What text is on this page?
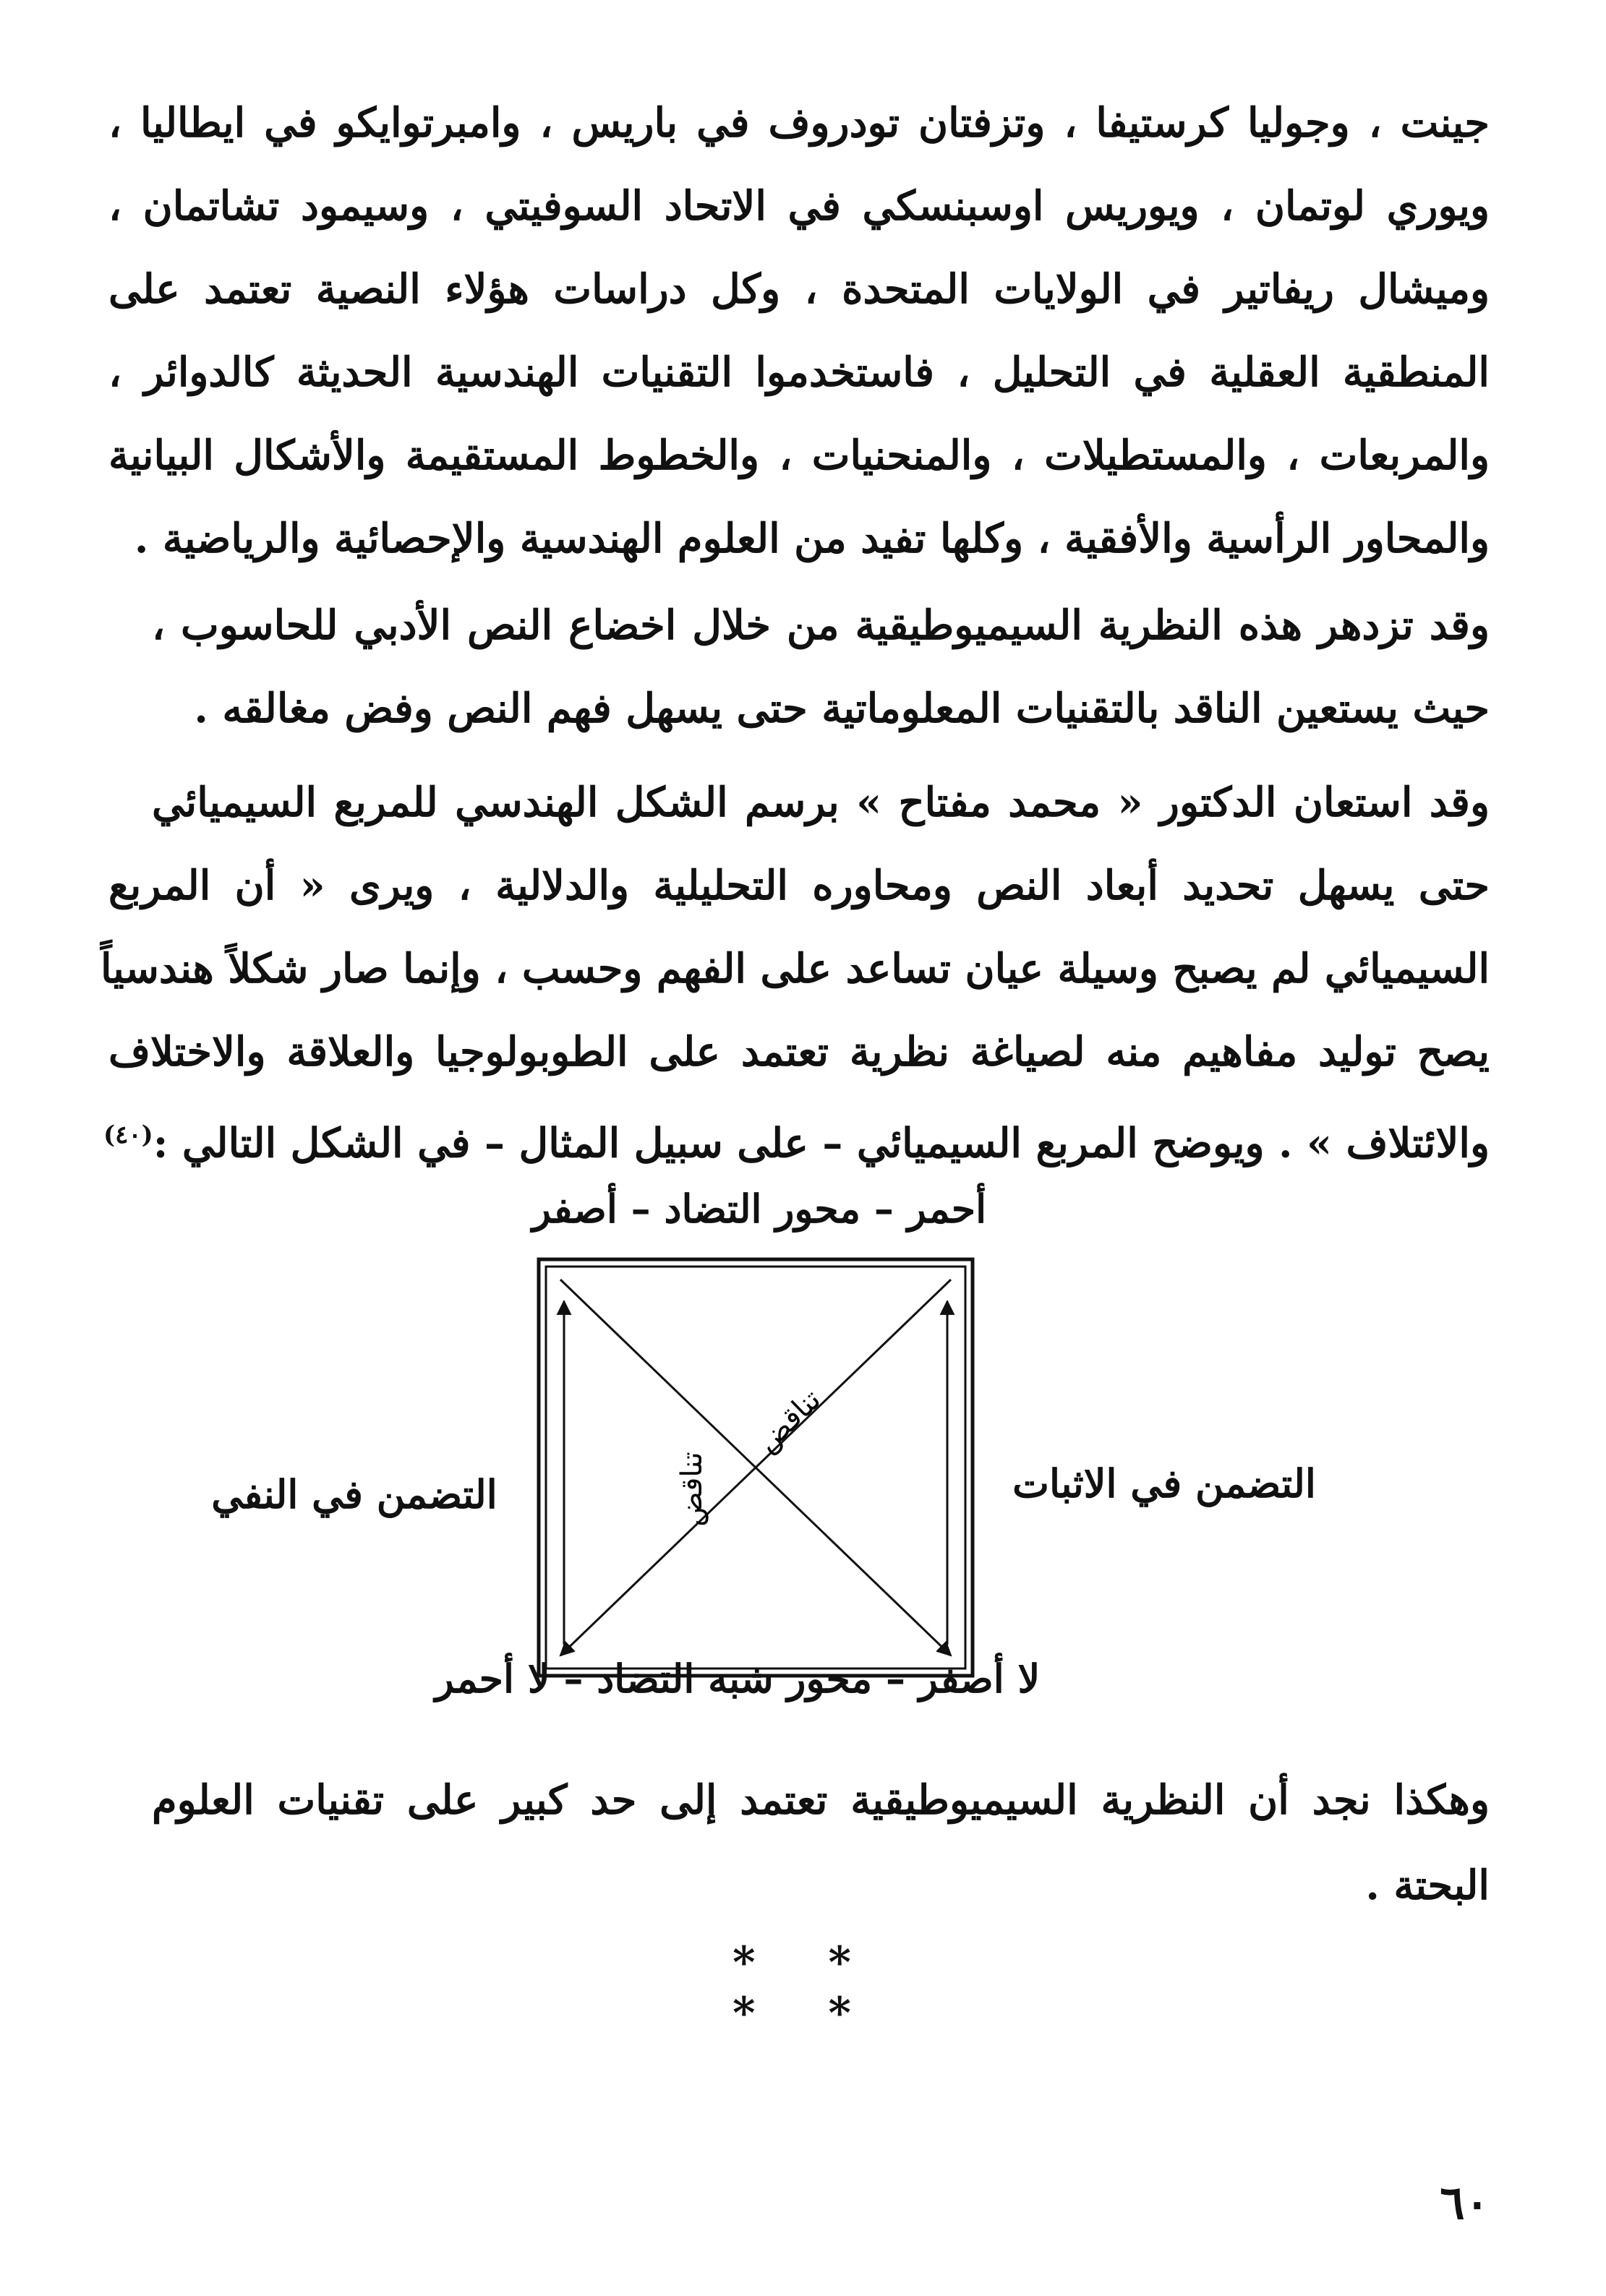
جينت ، وجوليا كرستيفا ، وتزفتان تودروف في باريس ، وامبرتوايكو في ايطاليا ،
ويوري لوتمان ، ويوريس اوسبنسكي في الاتحاد السوفيتي ، وسيمود تشاتمان ،
وميشال ريفاتير في الولايات المتحدة ، وكل دراسات هؤلاء النصية تعتمد على
المنطقية العقلية في التحليل ، فاستخدموا التقنيات الهندسية الحديثة كالدوائر ،
والمربعات ، والمستطيلات ، والمنحنيات ، والخطوط المستقيمة والأشكال البيانية
والمحاور الرأسية والأفقية ، وكلها تفيد من العلوم الهندسية والإحصائية والرياضية .
وقد تزدهر هذه النظرية السيميوطيقية من خلال اخضاع النص الأدبي للحاسوب ،
حيث يستعين الناقد بالتقنيات المعلوماتية حتى يسهل فهم النص وفض مغالقه .
وقد استعان الدكتور « محمد مفتاح » برسم الشكل الهندسي للمربع السيميائي
حتى يسهل تحديد أبعاد النص ومحاوره التحليلية والدلالية ، ويرى « أن المربع
السيميائي لم يصبح وسيلة عيان تساعد على الفهم وحسب ، وإنما صار شكلاً هندسياً
يصح توليد مفاهيم منه لصياغة نظرية تعتمد على الطوبولوجيا والعلاقة والاختلاف
والائتلاف » . ويوضح المربع السيميائي – على سبيل المثال – في الشكل التالي :$^{(٤٠)}$
أحمر – محور التضاد – أصفر
تناقض
تناقض	التضمن في الاثبات
التضمن في النفي
لا أصفر – محور شبه التضاد – لا أحمر
وهكذا نجد أن النظرية السيميوطيقية تعتمد إلى حد كبير على تقنيات العلوم
البحتة .
* * * *
٦٠
